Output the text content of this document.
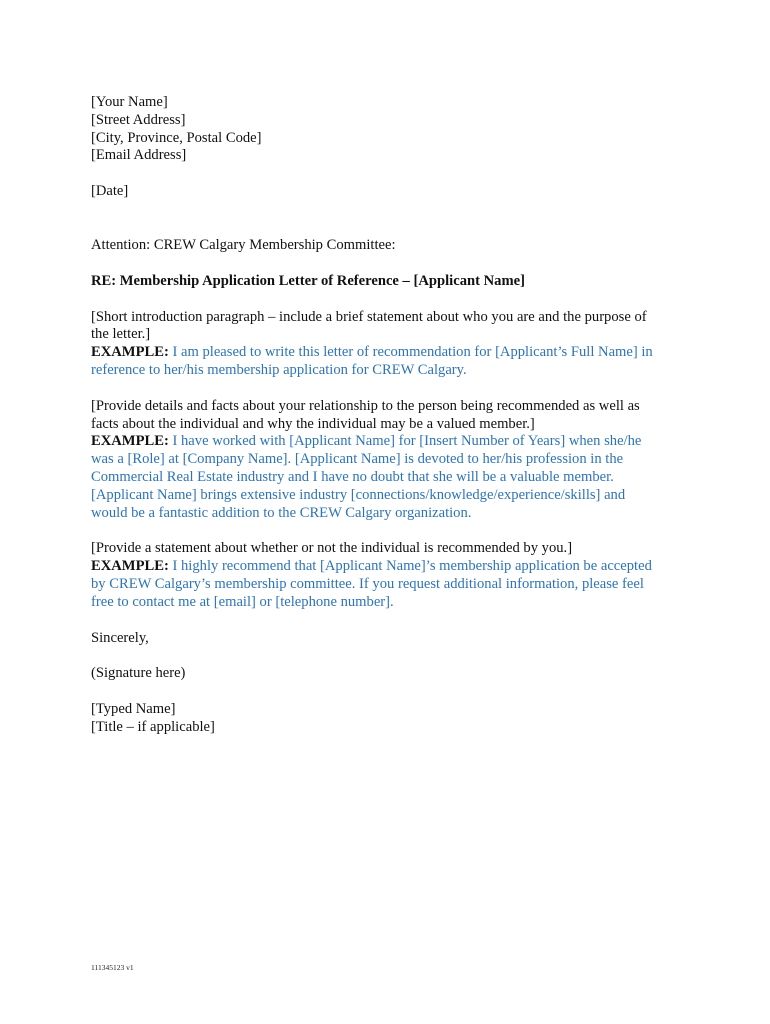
[Your Name]
[Street Address]
[City, Province, Postal Code]
[Email Address]
[Date]
Attention: CREW Calgary Membership Committee:
RE: Membership Application Letter of Reference – [Applicant Name]
[Short introduction paragraph – include a brief statement about who you are and the purpose of
the letter.]
EXAMPLE: I am pleased to write this letter of recommendation for [Applicant’s Full Name] in
reference to her/his membership application for CREW Calgary.
[Provide details and facts about your relationship to the person being recommended as well as
facts about the individual and why the individual may be a valued member.]
EXAMPLE: I have worked with [Applicant Name] for [Insert Number of Years] when she/he
was a [Role] at [Company Name]. [Applicant Name] is devoted to her/his profession in the
Commercial Real Estate industry and I have no doubt that she will be a valuable member.
[Applicant Name] brings extensive industry [connections/knowledge/experience/skills] and
would be a fantastic addition to the CREW Calgary organization.
[Provide a statement about whether or not the individual is recommended by you.]
EXAMPLE: I highly recommend that [Applicant Name]’s membership application be accepted
by CREW Calgary’s membership committee. If you request additional information, please feel
free to contact me at [email] or [telephone number].
Sincerely,
(Signature here)
[Typed Name]
[Title – if applicable]
11134512​3 v1
